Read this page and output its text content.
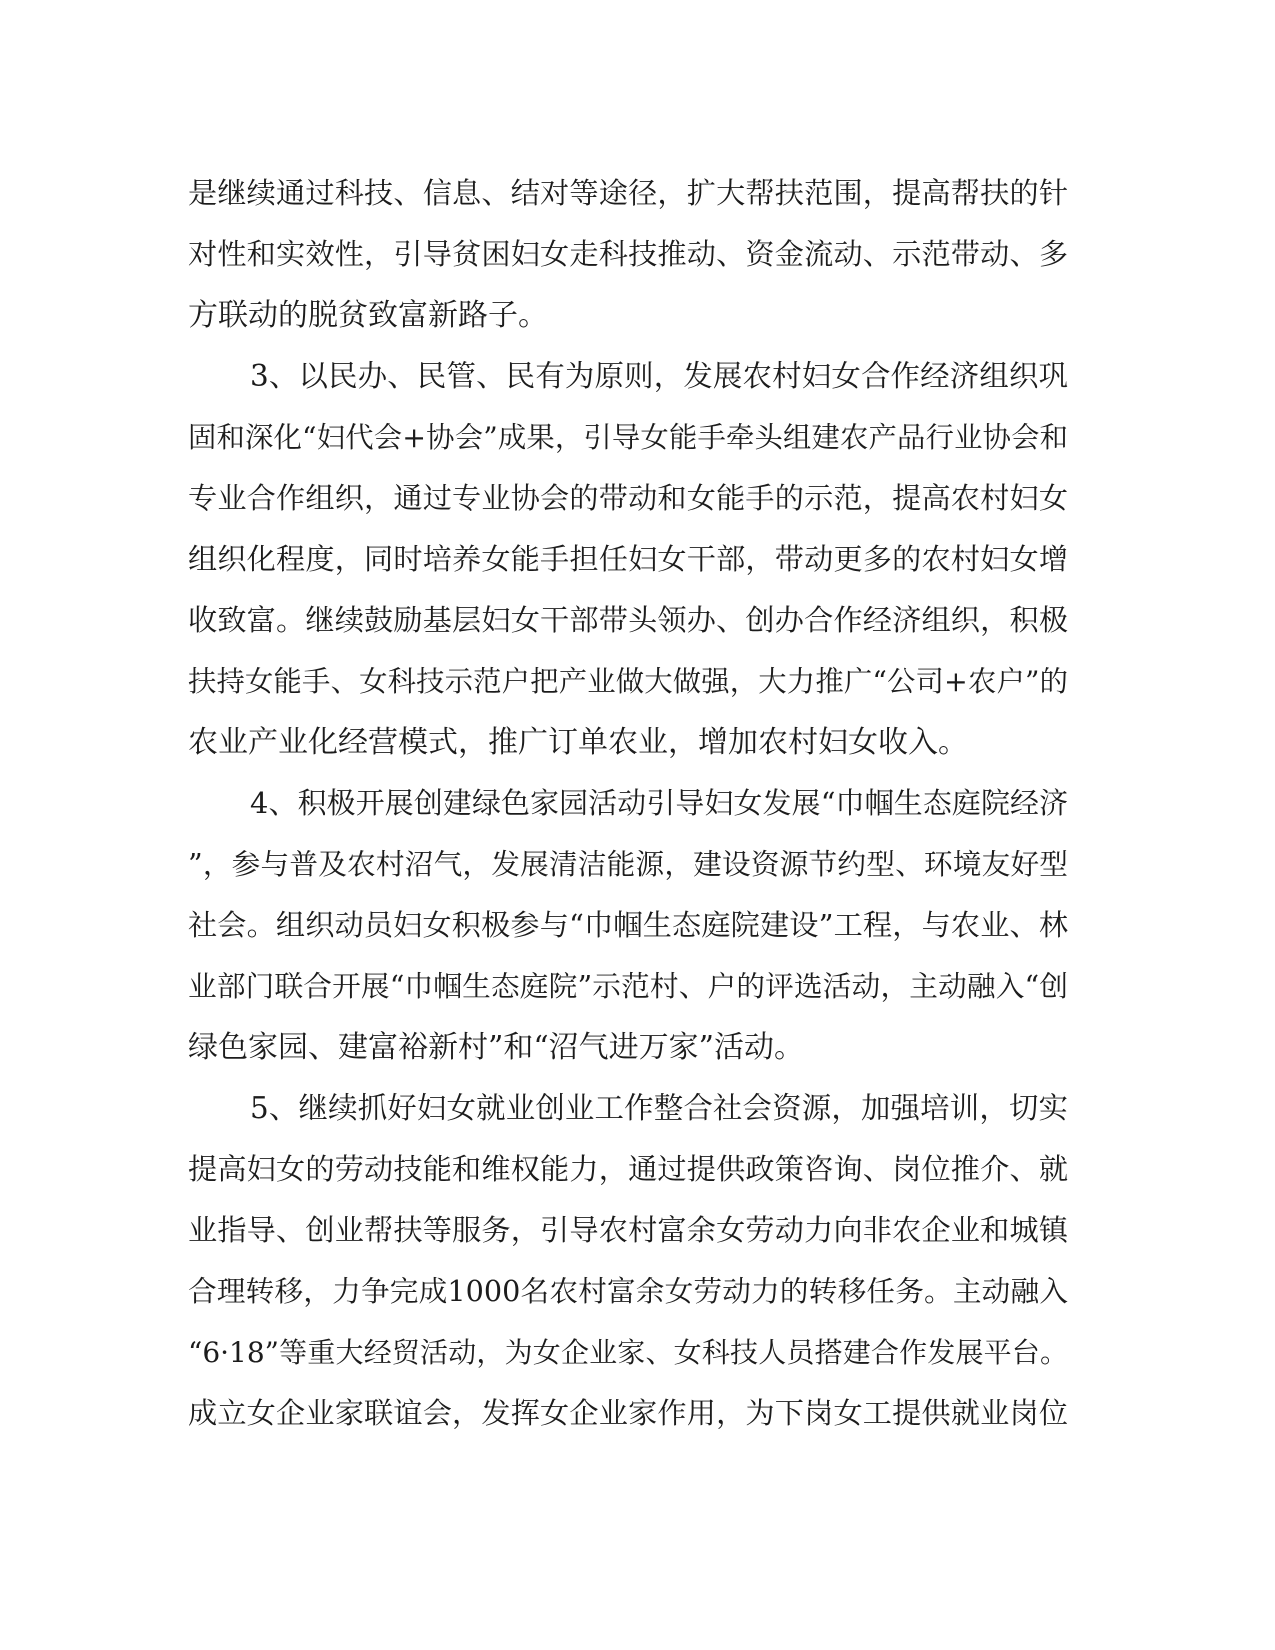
是继续通过科技、信息、结对等途径，扩大帮扶范围，提高帮扶的针
对性和实效性，引导贫困妇女走科技推动、资金流动、示范带动、多
方联动的脱贫致富新路子。
3、以民办、民管、民有为原则，发展农村妇女合作经济组织巩
固和深化“妇代会+协会”成果，引导女能手牵头组建农产品行业协会和
专业合作组织，通过专业协会的带动和女能手的示范，提高农村妇女
组织化程度，同时培养女能手担任妇女干部，带动更多的农村妇女增
收致富。继续鼓励基层妇女干部带头领办、创办合作经济组织，积极
扶持女能手、女科技示范户把产业做大做强，大力推广“公司+农户”的
农业产业化经营模式，推广订单农业，增加农村妇女收入。
4、积极开展创建绿色家园活动引导妇女发展“巾帼生态庭院经济
”，参与普及农村沼气，发展清洁能源，建设资源节约型、环境友好型
社会。组织动员妇女积极参与“巾帼生态庭院建设”工程，与农业、林
业部门联合开展“巾帼生态庭院”示范村、户的评选活动，主动融入“创
绿色家园、建富裕新村”和“沼气进万家”活动。
5、继续抓好妇女就业创业工作整合社会资源，加强培训，切实
提高妇女的劳动技能和维权能力，通过提供政策咨询、岗位推介、就
业指导、创业帮扶等服务，引导农村富余女劳动力向非农企业和城镇
合理转移，力争完成1000名农村富余女劳动力的转移任务。主动融入
“6·18”等重大经贸活动，为女企业家、女科技人员搭建合作发展平台。
成立女企业家联谊会，发挥女企业家作用，为下岗女工提供就业岗位
